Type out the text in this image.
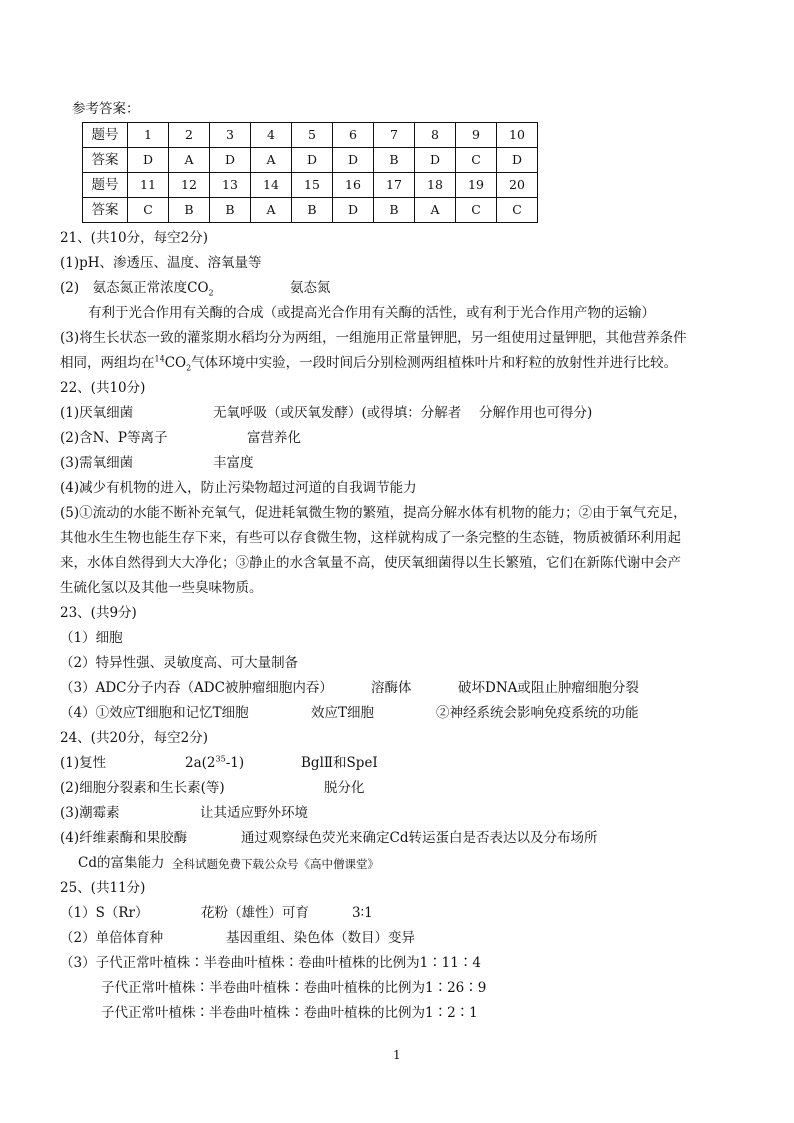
参考答案：
题号	1	2	3	4	5	6	7	8	9	10
答案	D	A	D	A	D	D	B	D	C	D
题号	11	12	13	14	15	16	17	18	19	20
答案	C	B	B	A	B	D	B	A	C	C
21、(共10分，每空2分)
(1)pH、渗透压、温度、溶氧量等
(2)　氨态氮正常浓度$CO_2$	氨态氮
有利于光合作用有关酶的合成（或提高光合作用有关酶的活性，或有利于光合作用产物的运输）
(3)将生长状态一致的灌浆期水稻均分为两组，一组施用正常量钾肥，另一组使用过量钾肥，其他营养条件
相同，两组均在$^{14}CO_2$气体环境中实验，一段时间后分别检测两组植株叶片和籽粒的放射性并进行比较。
22、(共10分)
(1)厌氧细菌	无氧呼吸（或厌氧发酵）(或得填：分解者　 分解作用也可得分)
(2)含N、P等离子	富营养化
(3)需氧细菌	丰富度
(4)减少有机物的进入，防止污染物超过河道的自我调节能力
(5)①流动的水能不断补充氧气，促进耗氧微生物的繁殖，提高分解水体有机物的能力；②由于氧气充足，
其他水生生物也能生存下来，有些可以存食微生物，这样就构成了一条完整的生态链，物质被循环利用起
来，水体自然得到大大净化；③静止的水含氧量不高，使厌氧细菌得以生长繁殖，它们在新陈代谢中会产
生硫化氢以及其他一些臭味物质。
23、(共9分)
（1）细胞
（2）特异性强、灵敏度高、可大量制备
（3）ADC分子内吞（ADC被肿瘤细胞内吞）	溶酶体	破坏DNA或阻止肿瘤细胞分裂
（4）①效应T细胞和记忆T细胞	效应T细胞	②神经系统会影响免疫系统的功能
24、(共20分，每空2分)
(1)复性	$2a(2^{35}-1)$	BglⅡ和SpeⅠ
(2)细胞分裂素和生长素(等)	脱分化
(3)潮霉素	让其适应野外环境
(4)纤维素酶和果胶酶	通过观察绿色荧光来确定Cd转运蛋白是否表达以及分布场所
Cd的富集能力 全科试题免费下载公众号《高中僧课堂》
25、(共11分)
（1）S（Rr）	花粉（雄性）可育	3∶1
（2）单倍体育种	基因重组、染色体（数目）变异
（3）子代正常叶植株∶半卷曲叶植株∶卷曲叶植株的比例为1∶11∶4
子代正常叶植株∶半卷曲叶植株∶卷曲叶植株的比例为1∶26∶9
子代正常叶植株∶半卷曲叶植株∶卷曲叶植株的比例为1∶2∶1
1
